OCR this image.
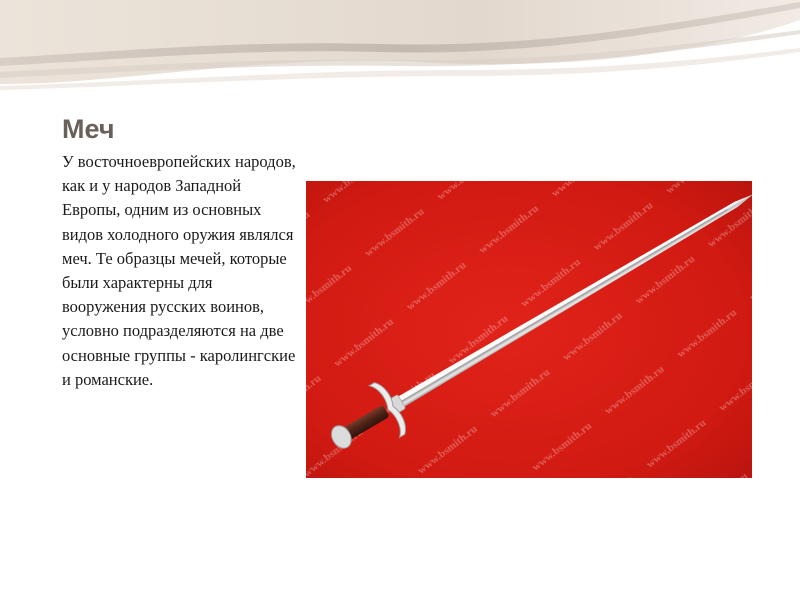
Меч

У восточноевропейских народов, как и у народов Западной Европы, одним из основных видов холодного оружия являлся меч. Те образцы мечей, которые были характерны для вооружения русских воинов, условно подразделяются на две основные группы - каролингские и романские.
